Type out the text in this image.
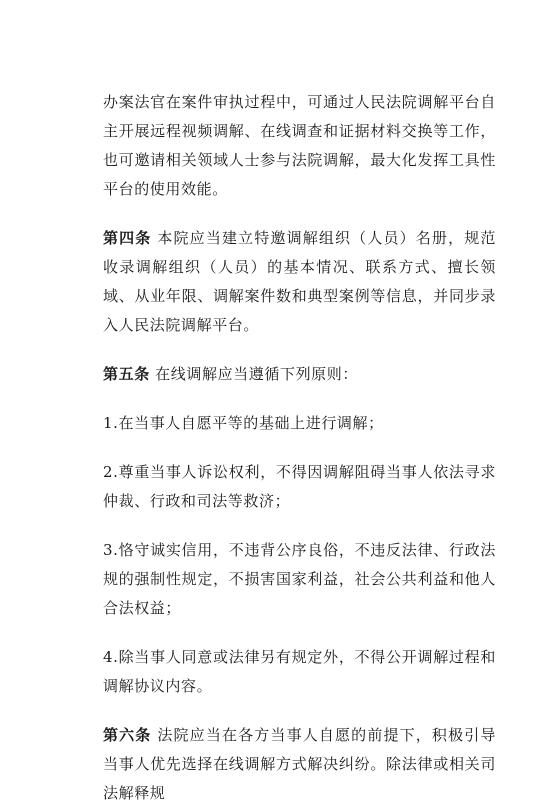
办案法官在案件审执过程中，可通过人民法院调解平台自主开展远程视频调解、在线调查和证据材料交换等工作，也可邀请相关领域人士参与法院调解，最大化发挥工具性平台的使用效能。

第四条 本院应当建立特邀调解组织（人员）名册，规范收录调解组织（人员）的基本情况、联系方式、擅长领域、从业年限、调解案件数和典型案例等信息，并同步录入人民法院调解平台。

第五条 在线调解应当遵循下列原则：

1.在当事人自愿平等的基础上进行调解；

2.尊重当事人诉讼权利，不得因调解阻碍当事人依法寻求仲裁、行政和司法等救济；

3.恪守诚实信用，不违背公序良俗，不违反法律、行政法规的强制性规定，不损害国家利益，社会公共利益和他人合法权益；

4.除当事人同意或法律另有规定外，不得公开调解过程和调解协议内容。

第六条 法院应当在各方当事人自愿的前提下，积极引导当事人优先选择在线调解方式解决纠纷。除法律或相关司法解释规
